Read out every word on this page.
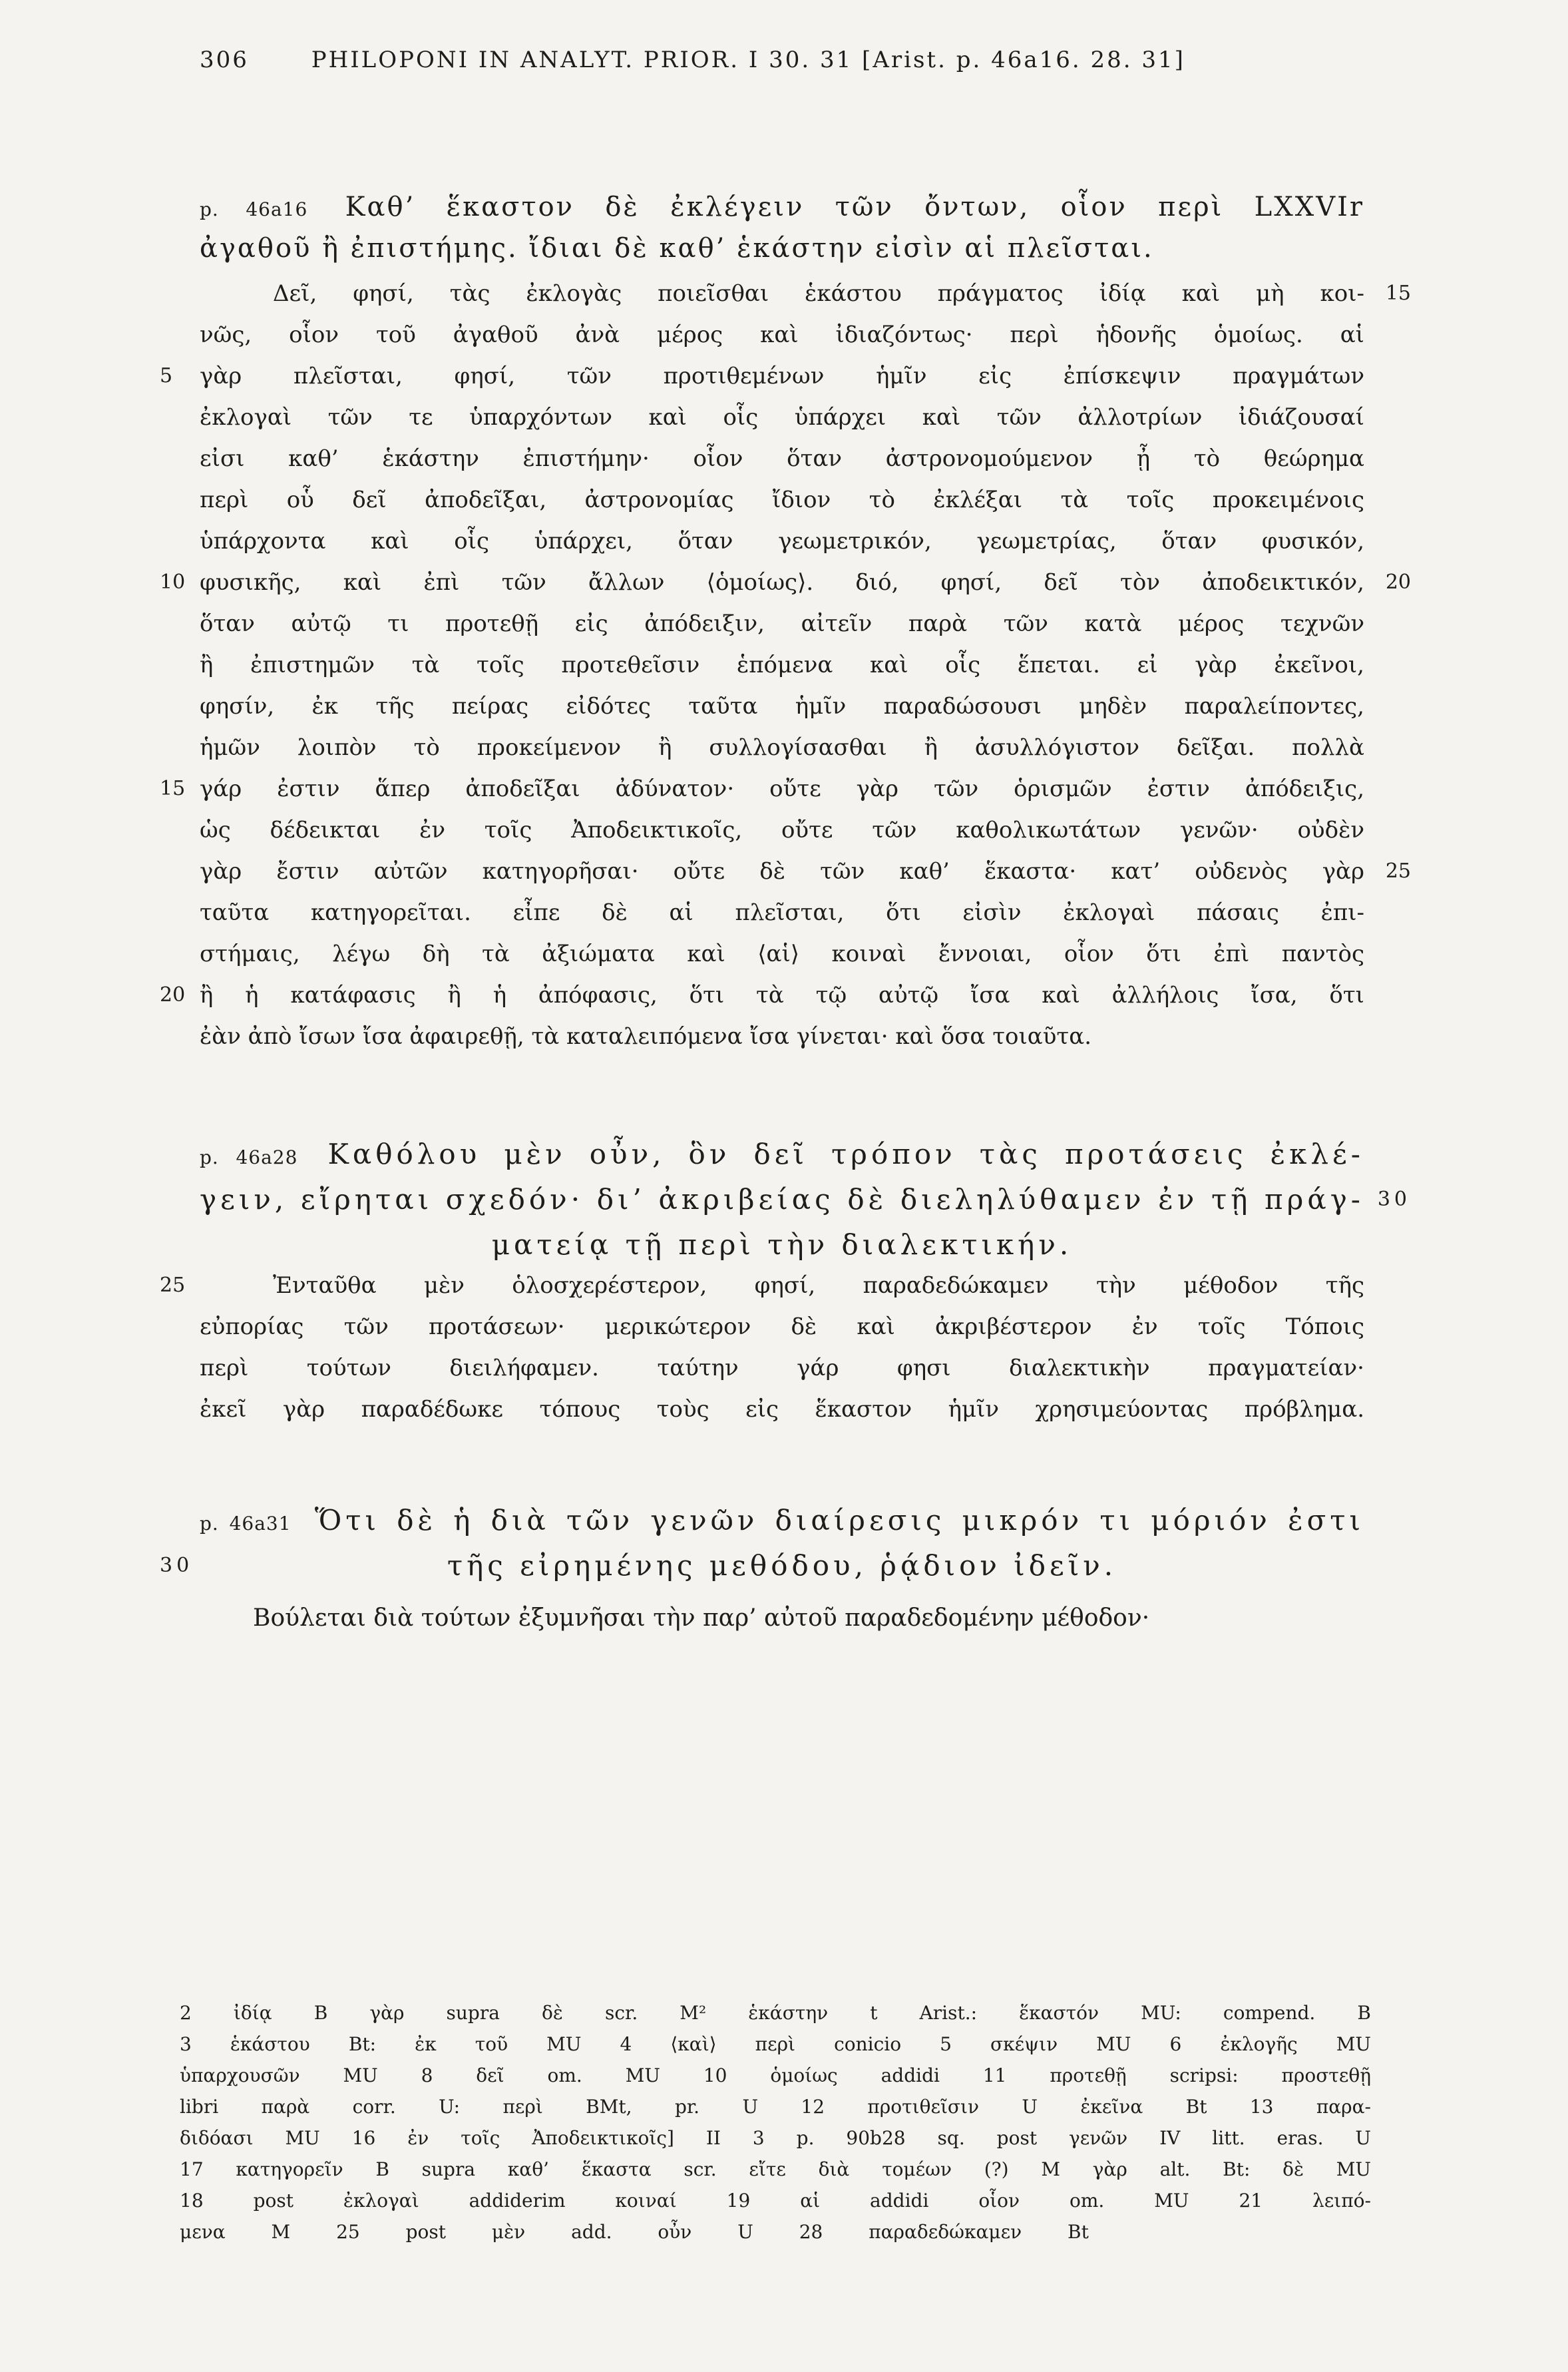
306	PHILOPONI IN ANALYT. PRIOR. I 30. 31 [Arist. p. 46a16. 28. 31]
p. 46a16 Καθ’ ἕκαστον δὲ ἐκλέγειν τῶν ὄντων, οἷον περὶ LXXVIr
ἀγαθοῦ ἢ ἐπιστήμης. ἴδιαι δὲ καθ’ ἑκάστην εἰσὶν αἱ πλεῖσται.
Δεῖ, φησί, τὰς ἐκλογὰς ποιεῖσθαι ἑκάστου πράγματος ἰδίᾳ καὶ μὴ κοι- 15
νῶς, οἷον τοῦ ἀγαθοῦ ἀνὰ μέρος καὶ ἰδιαζόντως· περὶ ἡδονῆς ὁμοίως. αἱ
5	γὰρ πλεῖσται, φησί, τῶν προτιθεμένων ἡμῖν εἰς ἐπίσκεψιν πραγμάτων
ἐκλογαὶ τῶν τε ὑπαρχόντων καὶ οἷς ὑπάρχει καὶ τῶν ἀλλοτρίων ἰδιάζουσαί
εἰσι καθ’ ἑκάστην ἐπιστήμην· οἷον ὅταν ἀστρονομούμενον ᾖ τὸ θεώρημα
περὶ οὗ δεῖ ἀποδεῖξαι, ἀστρονομίας ἴδιον τὸ ἐκλέξαι τὰ τοῖς προκειμένοις
ὑπάρχοντα καὶ οἷς ὑπάρχει, ὅταν γεωμετρικόν, γεωμετρίας, ὅταν φυσικόν,
10 φυσικῆς, καὶ ἐπὶ τῶν ἄλλων ⟨ὁμοίως⟩. διό, φησί, δεῖ τὸν ἀποδεικτικόν, 20
ὅταν αὐτῷ τι προτεθῇ εἰς ἀπόδειξιν, αἰτεῖν παρὰ τῶν κατὰ μέρος τεχνῶν
ἢ ἐπιστημῶν τὰ τοῖς προτεθεῖσιν ἑπόμενα καὶ οἷς ἕπεται. εἰ γὰρ ἐκεῖνοι,
φησίν, ἐκ τῆς πείρας εἰδότες ταῦτα ἡμῖν παραδώσουσι μηδὲν παραλείποντες,
ἡμῶν λοιπὸν τὸ προκείμενον ἢ συλλογίσασθαι ἢ ἀσυλλόγιστον δεῖξαι. πολλὰ
15 γάρ ἐστιν ἅπερ ἀποδεῖξαι ἀδύνατον· οὔτε γὰρ τῶν ὁρισμῶν ἐστιν ἀπόδειξις,
ὡς δέδεικται ἐν τοῖς Ἀποδεικτικοῖς, οὔτε τῶν καθολικωτάτων γενῶν· οὐδὲν
γὰρ ἔστιν αὐτῶν κατηγορῆσαι· οὔτε δὲ τῶν καθ’ ἕκαστα· κατ’ οὐδενὸς γὰρ 25
ταῦτα κατηγορεῖται. εἶπε δὲ αἱ πλεῖσται, ὅτι εἰσὶν ἐκλογαὶ πάσαις ἐπι-
στήμαις, λέγω δὴ τὰ ἀξιώματα καὶ ⟨αἱ⟩ κοιναὶ ἔννοιαι, οἷον ὅτι ἐπὶ παντὸς
20 ἢ ἡ κατάφασις ἢ ἡ ἀπόφασις, ὅτι τὰ τῷ αὐτῷ ἴσα καὶ ἀλλήλοις ἴσα, ὅτι
ἐὰν ἀπὸ ἴσων ἴσα ἀφαιρεθῇ, τὰ καταλειπόμενα ἴσα γίνεται· καὶ ὅσα τοιαῦτα.
p. 46a28 Καθόλου μὲν οὖν, ὃν δεῖ τρόπον τὰς προτάσεις ἐκλέ-
γειν, εἴρηται σχεδόν· δι’ ἀκριβείας δὲ διεληλύθαμεν ἐν τῇ πράγ- 30
ματείᾳ τῇ περὶ τὴν διαλεκτικήν.
25	Ἐνταῦθα μὲν ὁλοσχερέστερον, φησί, παραδεδώκαμεν τὴν μέθοδον τῆς
εὐπορίας τῶν προτάσεων· μερικώτερον δὲ καὶ ἀκριβέστερον ἐν τοῖς Τόποις
περὶ τούτων διειλήφαμεν. ταύτην γάρ φησι διαλεκτικὴν πραγματείαν·
ἐκεῖ γὰρ παραδέδωκε τόπους τοὺς εἰς ἕκαστον ἡμῖν χρησιμεύοντας πρόβλημα.
p. 46a31 Ὅτι δὲ ἡ διὰ τῶν γενῶν διαίρεσις μικρόν τι μόριόν ἐστι
30	τῆς εἰρημένης μεθόδου, ῥᾴδιον ἰδεῖν.
Βούλεται διὰ τούτων ἐξυμνῆσαι τὴν παρ’ αὐτοῦ παραδεδομένην μέθοδον·
2 ἰδίᾳ B γὰρ supra δὲ scr. M² ἑκάστην t Arist.: ἕκαστόν MU: compend. B
3 ἑκάστου Bt: ἐκ τοῦ MU 4 ⟨καὶ⟩ περὶ conicio 5 σκέψιν MU 6 ἐκλογῆς MU
ὑπαρχουσῶν MU 8 δεῖ om. MU 10 ὁμοίως addidi 11 προτεθῇ scripsi: προστεθῇ
libri παρὰ corr. U: περὶ BMt, pr. U 12 προτιθεῖσιν U ἐκεῖνα Bt 13 παρα-
διδόασι MU 16 ἐν τοῖς Ἀποδεικτικοῖς] II 3 p. 90b28 sq. post γενῶν IV litt. eras. U
17 κατηγορεῖν B supra καθ’ ἕκαστα scr. εἴτε διὰ τομέων (?) M γὰρ alt. Bt: δὲ MU
18 post ἐκλογαὶ addiderim κοιναί 19 αἱ addidi οἷον om. MU 21 λειπό-
μενα M 25 post μὲν add. οὖν U 28 παραδεδώκαμεν Bt
